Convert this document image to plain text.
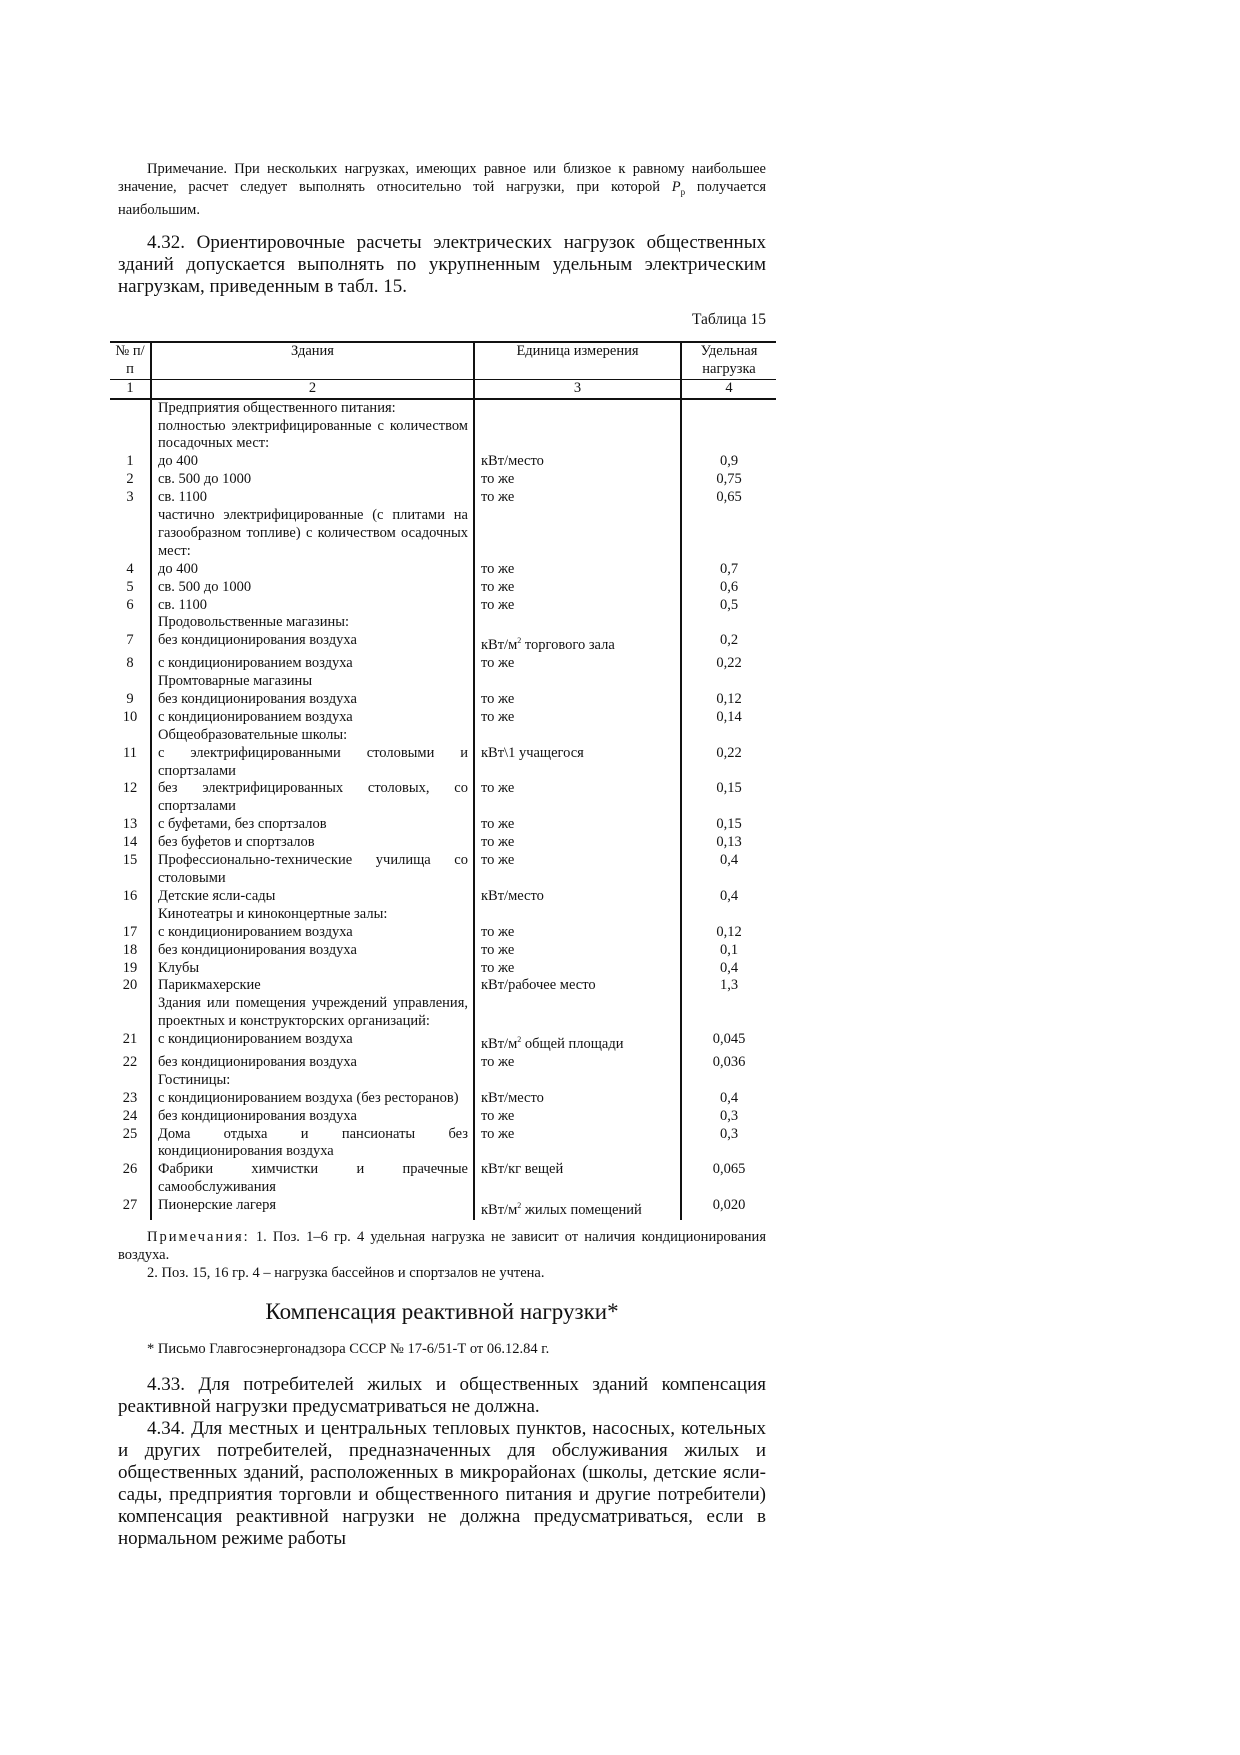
Примечание. При нескольких нагрузках, имеющих равное или близкое к равному наибольшее значение, расчет следует выполнять относительно той нагрузки, при которой $P_р$ получается наибольшим.

4.32. Ориентировочные расчеты электрических нагрузок общественных зданий допускается выполнять по укрупненным удельным электрическим нагрузкам, приведенным в табл. 15.

Таблица 15
№ п/п	Здания	Единица измерения	Удельная нагрузка
1	2	3	4
	Предприятия общественного питания:		
	полностью электрифицированные с количеством посадочных мест:		
1	до 400	кВт/место	0,9
2	св. 500 до 1000	то же	0,75
3	св. 1100	то же	0,65
	частично электрифицированные (с плитами на газообразном топливе) с количеством осадочных мест:		
4	до 400	то же	0,7
5	св. 500 до 1000	то же	0,6
6	св. 1100	то же	0,5
	Продовольственные магазины:		
7	без кондиционирования воздуха	кВт/$м^2$ торгового зала	0,2
8	с кондиционированием воздуха	то же	0,22
	Промтоварные магазины		
9	без кондиционирования воздуха	то же	0,12
10	с кондиционированием воздуха	то же	0,14
	Общеобразовательные школы:		
11	с электрифицированными столовыми и спортзалами	кВт\1 учащегося	0,22
12	без электрифицированных столовых, со спортзалами	то же	0,15
13	с буфетами, без спортзалов	то же	0,15
14	без буфетов и спортзалов	то же	0,13
15	Профессионально-технические училища со столовыми	то же	0,4
16	Детские ясли-сады	кВт/место	0,4
	Кинотеатры и киноконцертные залы:		
17	с кондиционированием воздуха	то же	0,12
18	без кондиционирования воздуха	то же	0,1
19	Клубы	то же	0,4
20	Парикмахерские	кВт/рабочее место	1,3
	Здания или помещения учреждений управления, проектных и конструкторских организаций:		
21	с кондиционированием воздуха	кВт/$м^2$ общей площади	0,045
22	без кондиционирования воздуха	то же	0,036
	Гостиницы:		
23	с кондиционированием воздуха (без ресторанов)	кВт/место	0,4
24	без кондиционирования воздуха	то же	0,3
25	Дома отдыха и пансионаты без кондиционирования воздуха	то же	0,3
26	Фабрики химчистки и прачечные самообслуживания	кВт/кг вещей	0,065
27	Пионерские лагеря	кВт/$м^2$ жилых помещений	0,020

Примечания: 1. Поз. 1–6 гр. 4 удельная нагрузка не зависит от наличия кондиционирования воздуха.

2. Поз. 15, 16 гр. 4 – нагрузка бассейнов и спортзалов не учтена.

Компенсация реактивной нагрузки*
* Письмо Главгосэнергонадзора СССР № 17-6/51-Т от 06.12.84 г.

4.33. Для потребителей жилых и общественных зданий компенсация реактивной нагрузки предусматриваться не должна.

4.34. Для местных и центральных тепловых пунктов, насосных, котельных и других потребителей, предназначенных для обслуживания жилых и общественных зданий, расположенных в микрорайонах (школы, детские ясли-сады, предприятия торговли и общественного питания и другие потребители) компенсация реактивной нагрузки не должна предусматриваться, если в нормальном режиме работы
